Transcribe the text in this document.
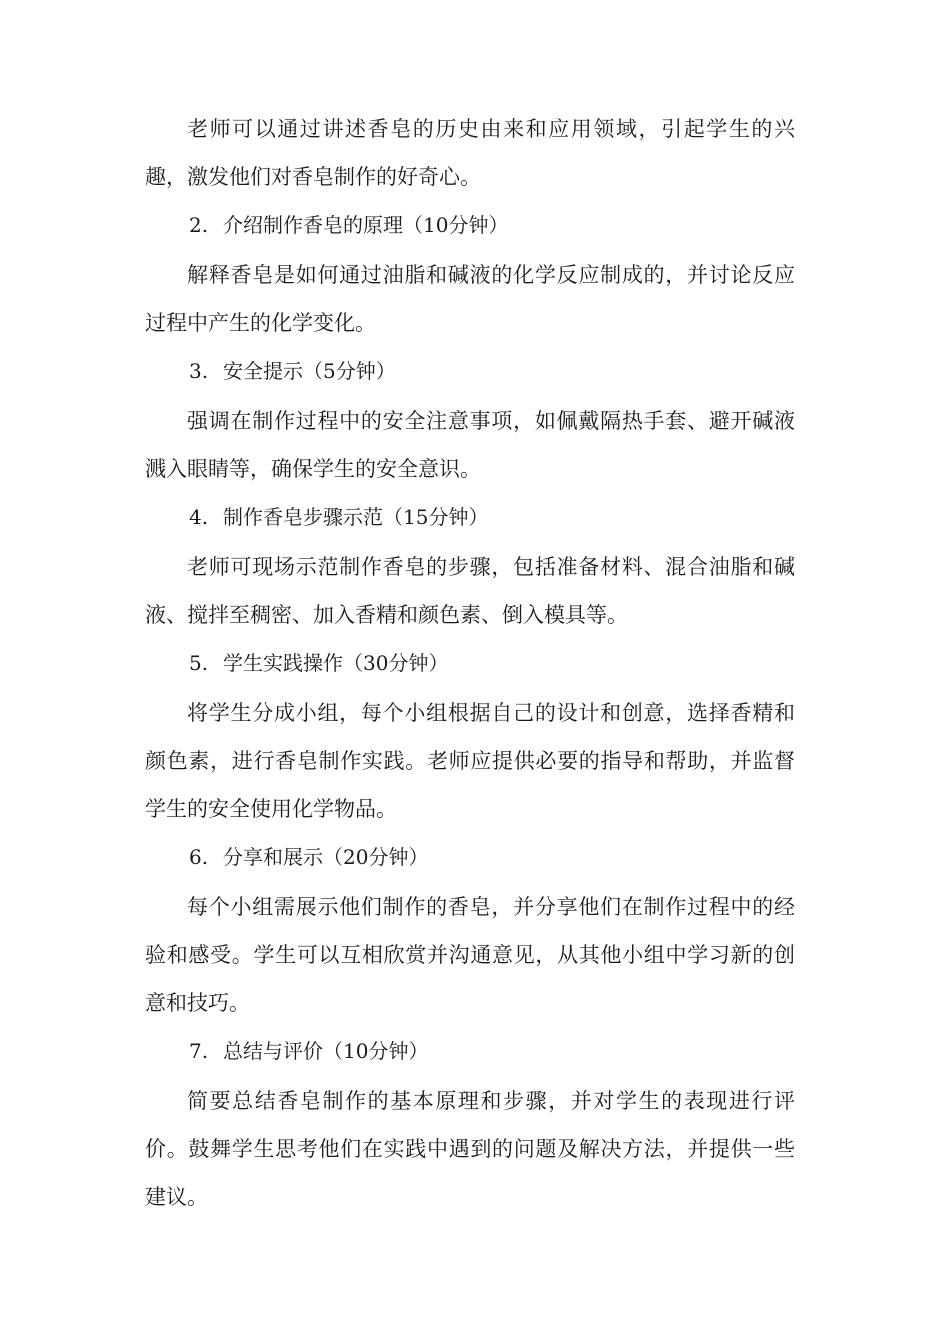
老师可以通过讲述香皂的历史由来和应用领域，引起学生的兴趣，激发他们对香皂制作的好奇心。

2. 介绍制作香皂的原理（10分钟）

解释香皂是如何通过油脂和碱液的化学反应制成的，并讨论反应过程中产生的化学变化。

3. 安全提示（5分钟）

强调在制作过程中的安全注意事项，如佩戴隔热手套、避开碱液溅入眼睛等，确保学生的安全意识。

4. 制作香皂步骤示范（15分钟）

老师可现场示范制作香皂的步骤，包括准备材料、混合油脂和碱液、搅拌至稠密、加入香精和颜色素、倒入模具等。

5. 学生实践操作（30分钟）

将学生分成小组，每个小组根据自己的设计和创意，选择香精和颜色素，进行香皂制作实践。老师应提供必要的指导和帮助，并监督学生的安全使用化学物品。

6. 分享和展示（20分钟）

每个小组需展示他们制作的香皂，并分享他们在制作过程中的经验和感受。学生可以互相欣赏并沟通意见，从其他小组中学习新的创意和技巧。

7. 总结与评价（10分钟）

简要总结香皂制作的基本原理和步骤，并对学生的表现进行评价。鼓舞学生思考他们在实践中遇到的问题及解决方法，并提供一些建议。
